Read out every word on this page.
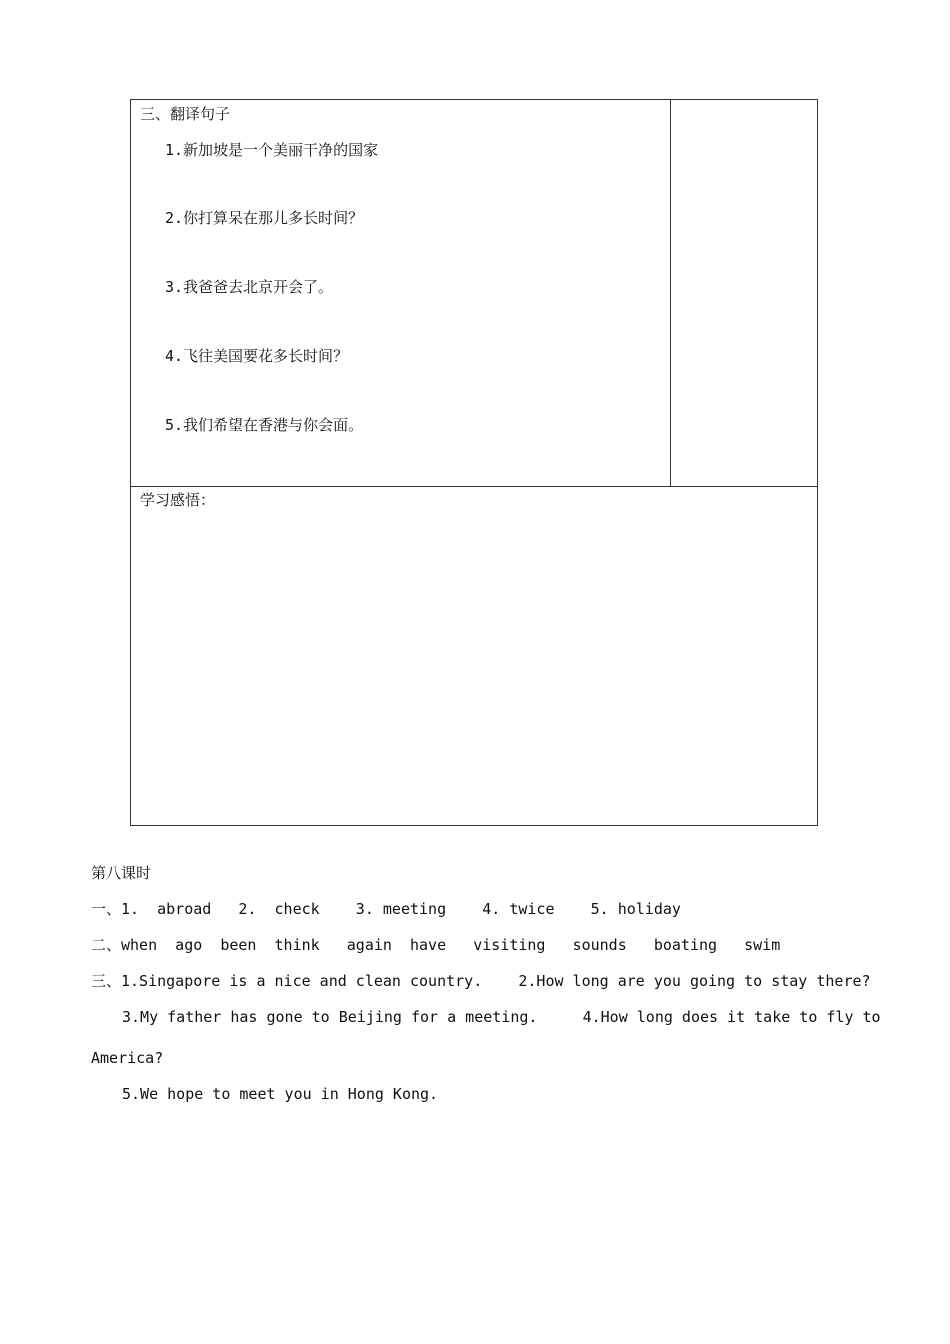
三、翻译句子
1.新加坡是一个美丽干净的国家
2.你打算呆在那儿多长时间？
3.我爸爸去北京开会了。
4.飞往美国要花多长时间？
5.我们希望在香港与你会面。
学习感悟：
第八课时
一、1.  abroad   2.  check    3. meeting    4. twice    5. holiday
二、when  ago  been  think   again  have   visiting   sounds   boating   swim
三、1.Singapore is a nice and clean country.    2.How long are you going to stay there?
3.My father has gone to Beijing for a meeting.     4.How long does it take to fly to
America?
5.We hope to meet you in Hong Kong.
